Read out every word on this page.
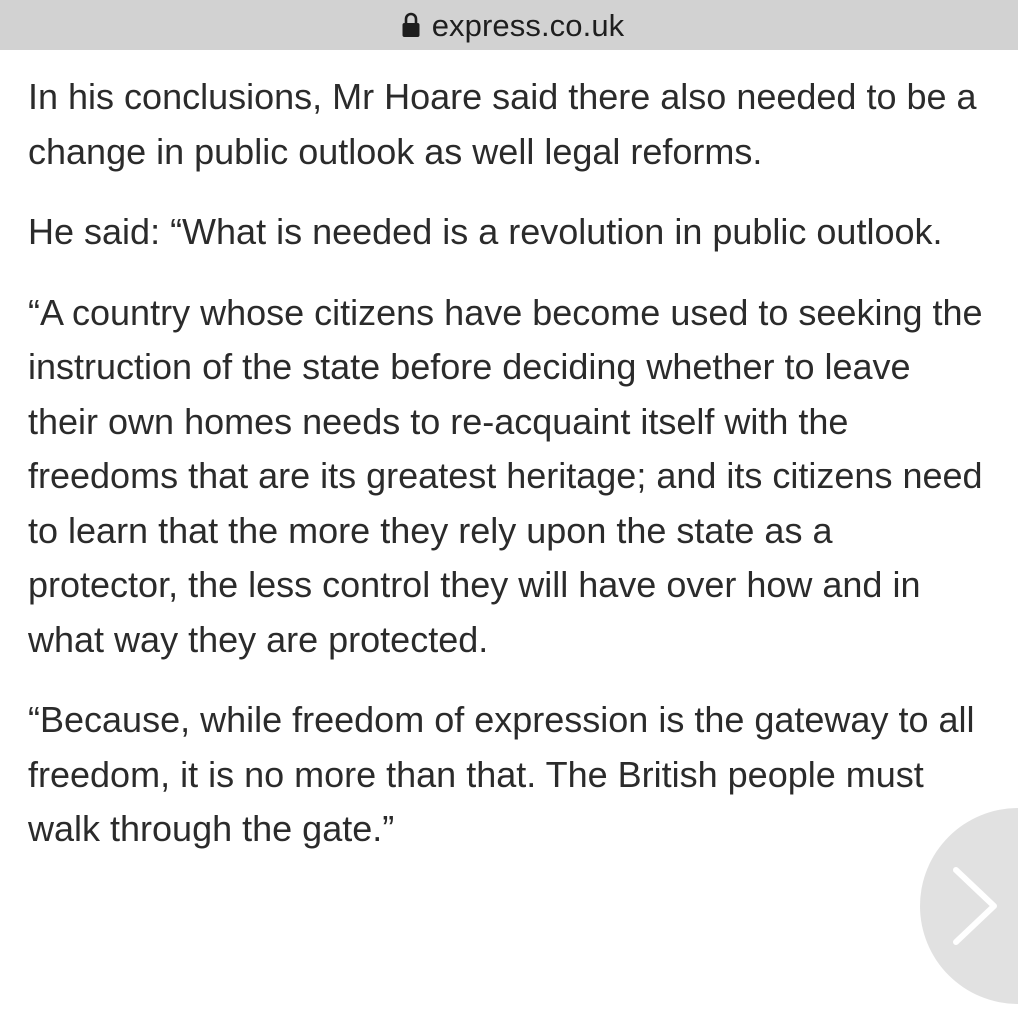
express.co.uk

In his conclusions, Mr Hoare said there also needed to be a change in public outlook as well legal reforms.

He said: “What is needed is a revolution in public outlook.

“A country whose citizens have become used to seeking the instruction of the state before deciding whether to leave their own homes needs to re-acquaint itself with the freedoms that are its greatest heritage; and its citizens need to learn that the more they rely upon the state as a protector, the less control they will have over how and in what way they are protected.

“Because, while freedom of expression is the gateway to all freedom, it is no more than that. The British people must walk through the gate.”
